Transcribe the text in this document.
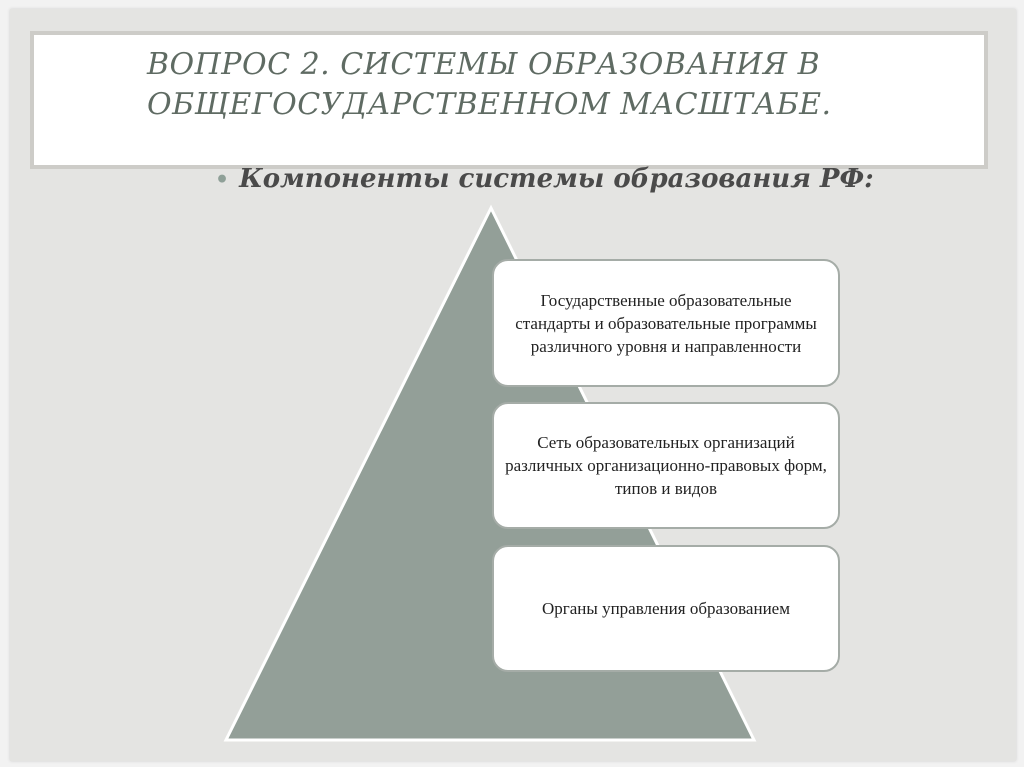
ВОПРОС 2. СИСТЕМЫ ОБРАЗОВАНИЯ В ОБЩЕГОСУДАРСТВЕННОМ МАСШТАБЕ.
• Компоненты системы образования РФ:
Государственные образовательные стандарты и образовательные программы различного уровня и направленности
Сеть образовательных организаций различных организационно-правовых форм, типов и видов
Органы управления образованием
